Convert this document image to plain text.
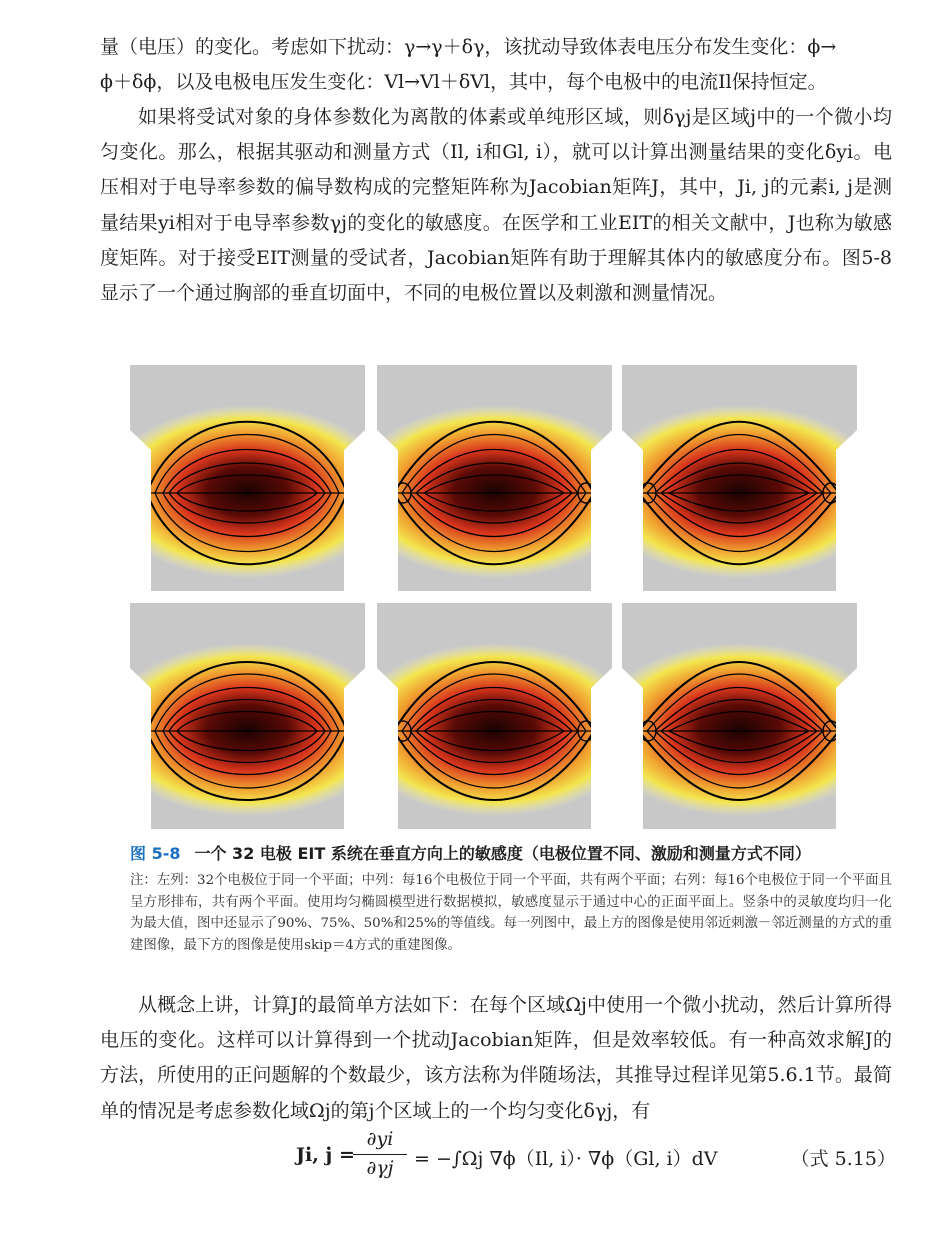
量（电压）的变化。考虑如下扰动：γ→γ＋δγ，该扰动导致体表电压分布发生变化：ϕ→
ϕ＋δϕ，以及电极电压发生变化：Vl→Vl＋δVl，其中，每个电极中的电流Il保持恒定。

如果将受试对象的身体参数化为离散的体素或单纯形区域，则δγj是区域j中的一个微小均匀变化。那么，根据其驱动和测量方式（Il, i和Gl, i），就可以计算出测量结果的变化δyi。电压相对于电导率参数的偏导数构成的完整矩阵称为Jacobian矩阵J，其中，Ji, j的元素i, j是测量结果yi相对于电导率参数γj的变化的敏感度。在医学和工业EIT的相关文献中，J也称为敏感度矩阵。对于接受EIT测量的受试者，Jacobian矩阵有助于理解其体内的敏感度分布。图5-8显示了一个通过胸部的垂直切面中，不同的电极位置以及刺激和测量情况。

图 5-8 一个 32 电极 EIT 系统在垂直方向上的敏感度（电极位置不同、激励和测量方式不同）

注：左列：32个电极位于同一个平面；中列：每16个电极位于同一个平面，共有两个平面；右列：每16个电极位于同一个平面且呈方形排布，共有两个平面。使用均匀椭圆模型进行数据模拟，敏感度显示于通过中心的正面平面上。竖条中的灵敏度均归一化为最大值，图中还显示了90%、75%、50%和25%的等值线。每一列图中，最上方的图像是使用邻近刺激－邻近测量的方式的重建图像，最下方的图像是使用skip＝4方式的重建图像。

从概念上讲，计算J的最简单方法如下：在每个区域Ωj中使用一个微小扰动，然后计算所得电压的变化。这样可以计算得到一个扰动Jacobian矩阵，但是效率较低。有一种高效求解J的方法，所使用的正问题解的个数最少，该方法称为伴随场法，其推导过程详见第5.6.1节。最简单的情况是考虑参数化域Ωj的第j个区域上的一个均匀变化δγj，有

Ji, j =
∂yi
∂γj	= −∫Ωj ∇ϕ（Il, i）· ∇ϕ（Gl, i）dV	（式 5.15）
